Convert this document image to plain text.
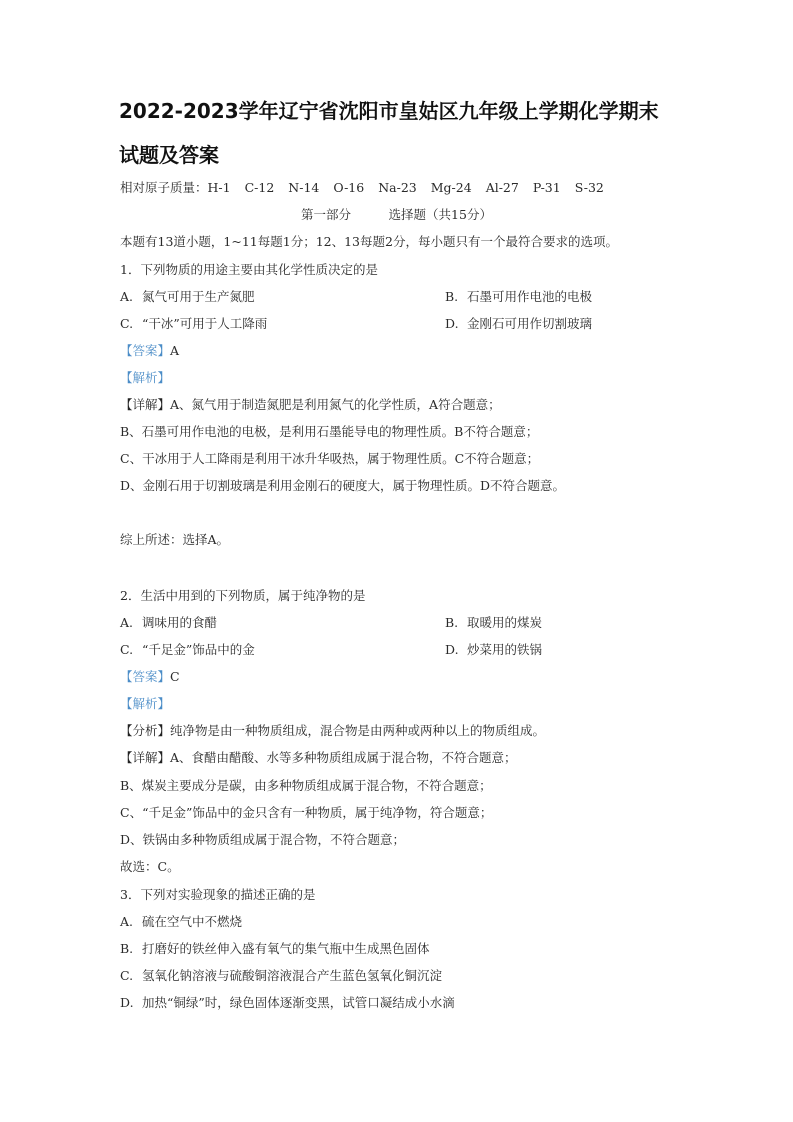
2022-2023学年辽宁省沈阳市皇姑区九年级上学期化学期末
试题及答案
相对原子质量：H-1 C-12 N-14 O-16 Na-23 Mg-24 Al-27 P-31 S-32
第一部分　　　选择题（共15分）
本题有13道小题，1~11每题1分；12、13每题2分，每小题只有一个最符合要求的选项。
1．下列物质的用途主要由其化学性质决定的是
A. 氮气可用于生产氮肥	B. 石墨可用作电池的电极
C. “干冰”可用于人工降雨	D. 金刚石可用作切割玻璃
【答案】A
【解析】
【详解】A、氮气用于制造氮肥是利用氮气的化学性质，A符合题意；
B、石墨可用作电池的电极，是利用石墨能导电的物理性质。B不符合题意；
C、干冰用于人工降雨是利用干冰升华吸热，属于物理性质。C不符合题意；
D、金刚石用于切割玻璃是利用金刚石的硬度大，属于物理性质。D不符合题意。
综上所述：选择A。
2．生活中用到的下列物质，属于纯净物的是
A. 调味用的食醋	B. 取暖用的煤炭
C. “千足金”饰品中的金	D. 炒菜用的铁锅
【答案】C
【解析】
【分析】纯净物是由一种物质组成，混合物是由两种或两种以上的物质组成。
【详解】A、食醋由醋酸、水等多种物质组成属于混合物，不符合题意；
B、煤炭主要成分是碳，由多种物质组成属于混合物，不符合题意；
C、“千足金”饰品中的金只含有一种物质，属于纯净物，符合题意；
D、铁锅由多种物质组成属于混合物，不符合题意；
故选：C。
3．下列对实验现象的描述正确的是
A. 硫在空气中不燃烧
B. 打磨好的铁丝伸入盛有氧气的集气瓶中生成黑色固体
C. 氢氧化钠溶液与硫酸铜溶液混合产生蓝色氢氧化铜沉淀
D. 加热“铜绿”时，绿色固体逐渐变黑，试管口凝结成小水滴
